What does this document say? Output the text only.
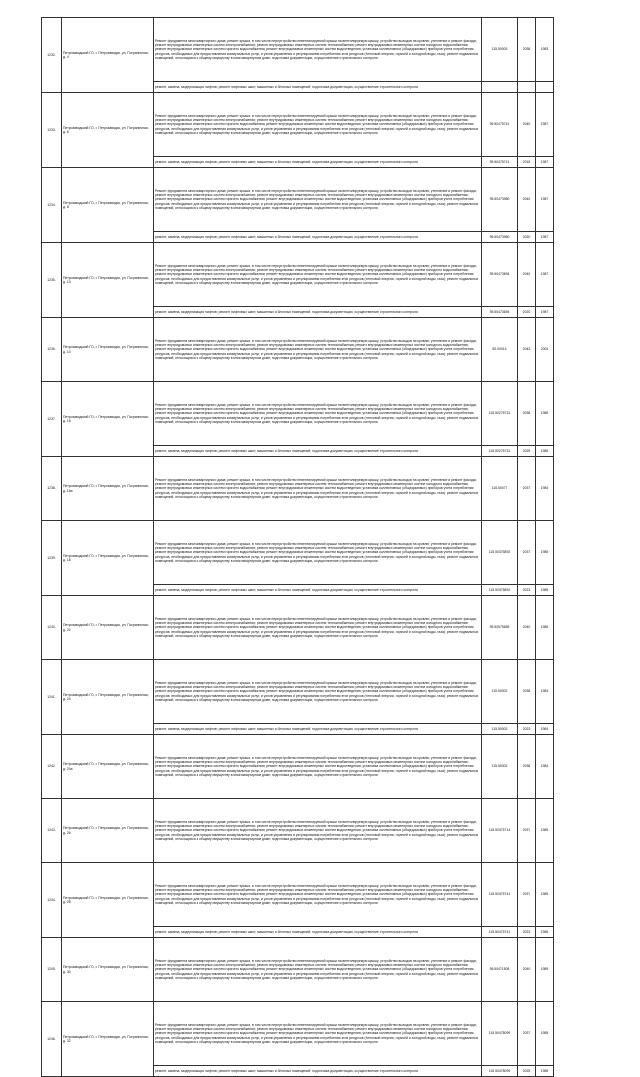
1232.	Петрозаводский ГО, г. Петрозаводск, ул. Пограничная, д. 4	Ремонт фундамента многоквартирного дома; ремонт крыши, в том числе переустройство невентилируемой крыши на вентилируемую крышу, устройство выходов на кровлю; утепление и ремонт фасада; ремонт внутридомовых инженерных систем электроснабжения; ремонт внутридомовых инженерных систем теплоснабжения; ремонт внутридомовых инженерных систем холодного водоснабжения; ремонт внутридомовых инженерных систем горячего водоснабжения; ремонт внутридомовых инженерных систем водоотведения; установка коллективных (общедомовых) приборов учета потребления ресурсов, необходимых для предоставления коммунальных услуг, и узлов управления и регулирования потребления этих ресурсов (тепловой энергии, горячей и холодной воды, газа); ремонт подвальных помещений, относящихся к общему имуществу в многоквартирном доме; подготовка документации, осуществление строительного контроля	115.50003	2038	1983
		ремонт, замена, модернизация лифтов; ремонт лифтовых шахт, машинных и блочных помещений; подготовка документации, осуществление строительного контроля			
1233.	Петрозаводский ГО, г. Петрозаводск, ул. Пограничная, д. 6	Ремонт фундамента многоквартирного дома; ремонт крыши, в том числе переустройство невентилируемой крыши на вентилируемую крышу, устройство выходов на кровлю; утепление и ремонт фасада; ремонт внутридомовых инженерных систем электроснабжения; ремонт внутридомовых инженерных систем теплоснабжения; ремонт внутридомовых инженерных систем холодного водоснабжения; ремонт внутридомовых инженерных систем горячего водоснабжения; ремонт внутридомовых инженерных систем водоотведения; установка коллективных (общедомовых) приборов учета потребления ресурсов, необходимых для предоставления коммунальных услуг, и узлов управления и регулирования потребления этих ресурсов (тепловой энергии, горячей и холодной воды, газа); ремонт подвальных помещений, относящихся к общему имуществу в многоквартирном доме; подготовка документации, осуществление строительного контроля	95.50475741	2040	1987
		ремонт, замена, модернизация лифтов; ремонт лифтовых шахт, машинных и блочных помещений; подготовка документации, осуществление строительного контроля	95.50475741	2018	1987
1234.	Петрозаводский ГО, г. Петрозаводск, ул. Пограничная, д. 8	Ремонт фундамента многоквартирного дома; ремонт крыши, в том числе переустройство невентилируемой крыши на вентилируемую крышу, устройство выходов на кровлю; утепление и ремонт фасада; ремонт внутридомовых инженерных систем электроснабжения; ремонт внутридомовых инженерных систем теплоснабжения; ремонт внутридомовых инженерных систем холодного водоснабжения; ремонт внутридомовых инженерных систем горячего водоснабжения; ремонт внутридомовых инженерных систем водоотведения; установка коллективных (общедомовых) приборов учета потребления ресурсов, необходимых для предоставления коммунальных услуг, и узлов управления и регулирования потребления этих ресурсов (тепловой энергии, горячей и холодной воды, газа); ремонт подвальных помещений, относящихся к общему имуществу в многоквартирном доме; подготовка документации, осуществление строительного контроля	95.50473980	2040	1987
		ремонт, замена, модернизация лифтов; ремонт лифтовых шахт, машинных и блочных помещений; подготовка документации, осуществление строительного контроля	95.50473980	2020	1987
1235.	Петрозаводский ГО, г. Петрозаводск, ул. Пограничная, д. 10	Ремонт фундамента многоквартирного дома; ремонт крыши, в том числе переустройство невентилируемой крыши на вентилируемую крышу, устройство выходов на кровлю; утепление и ремонт фасада; ремонт внутридомовых инженерных систем электроснабжения; ремонт внутридомовых инженерных систем теплоснабжения; ремонт внутридомовых инженерных систем холодного водоснабжения; ремонт внутридомовых инженерных систем горячего водоснабжения; ремонт внутридомовых инженерных систем водоотведения; установка коллективных (общедомовых) приборов учета потребления ресурсов, необходимых для предоставления коммунальных услуг, и узлов управления и регулирования потребления этих ресурсов (тепловой энергии, горячей и холодной воды, газа); ремонт подвальных помещений, относящихся к общему имуществу в многоквартирном доме; подготовка документации, осуществление строительного контроля	95.50473694	2040	1987
		ремонт, замена, модернизация лифтов; ремонт лифтовых шахт, машинных и блочных помещений; подготовка документации, осуществление строительного контроля	95.50473694	2020	1987
1236.	Петрозаводский ГО, г. Петрозаводск, ул. Пограничная, д. 14	Ремонт фундамента многоквартирного дома; ремонт крыши, в том числе переустройство невентилируемой крыши на вентилируемую крышу, устройство выходов на кровлю; утепление и ремонт фасада; ремонт внутридомовых инженерных систем электроснабжения; ремонт внутридомовых инженерных систем теплоснабжения; ремонт внутридомовых инженерных систем холодного водоснабжения; ремонт внутридомовых инженерных систем горячего водоснабжения; ремонт внутридомовых инженерных систем водоотведения; установка коллективных (общедомовых) приборов учета потребления ресурсов, необходимых для предоставления коммунальных услуг, и узлов управления и регулирования потребления этих ресурсов (тепловой энергии, горячей и холодной воды, газа); ремонт подвальных помещений, относящихся к общему имуществу в многоквартирном доме; подготовка документации, осуществление строительного контроля	50.00014	2043	2002
1237.	Петрозаводский ГО, г. Петрозаводск, ул. Пограничная, д. 16	Ремонт фундамента многоквартирного дома; ремонт крыши, в том числе переустройство невентилируемой крыши на вентилируемую крышу, устройство выходов на кровлю; утепление и ремонт фасада; ремонт внутридомовых инженерных систем электроснабжения; ремонт внутридомовых инженерных систем теплоснабжения; ремонт внутридомовых инженерных систем холодного водоснабжения; ремонт внутридомовых инженерных систем горячего водоснабжения; ремонт внутридомовых инженерных систем водоотведения; установка коллективных (общедомовых) приборов учета потребления ресурсов, необходимых для предоставления коммунальных услуг, и узлов управления и регулирования потребления этих ресурсов (тепловой энергии, горячей и холодной воды, газа); ремонт подвальных помещений, относящихся к общему имуществу в многоквартирном доме; подготовка документации, осуществление строительного контроля	115.50275731	2038	1985
		ремонт, замена, модернизация лифтов; ремонт лифтовых шахт, машинных и блочных помещений; подготовка документации, осуществление строительного контроля	115.50275731	2025	1985
1238.	Петрозаводский ГО, г. Петрозаводск, ул. Пограничная, д. 16а	Ремонт фундамента многоквартирного дома; ремонт крыши, в том числе переустройство невентилируемой крыши на вентилируемую крышу, устройство выходов на кровлю; утепление и ремонт фасада; ремонт внутридомовых инженерных систем электроснабжения; ремонт внутридомовых инженерных систем теплоснабжения; ремонт внутридомовых инженерных систем холодного водоснабжения; ремонт внутридомовых инженерных систем горячего водоснабжения; ремонт внутридомовых инженерных систем водоотведения; установка коллективных (общедомовых) приборов учета потребления ресурсов, необходимых для предоставления коммунальных услуг, и узлов управления и регулирования потребления этих ресурсов (тепловой энергии, горячей и холодной воды, газа); ремонт подвальных помещений, относящихся к общему имуществу в многоквартирном доме; подготовка документации, осуществление строительного контроля	115.50477	2037	1984
1239.	Петрозаводский ГО, г. Петрозаводск, ул. Пограничная, д. 18	Ремонт фундамента многоквартирного дома; ремонт крыши, в том числе переустройство невентилируемой крыши на вентилируемую крышу, устройство выходов на кровлю; утепление и ремонт фасада; ремонт внутридомовых инженерных систем электроснабжения; ремонт внутридомовых инженерных систем теплоснабжения; ремонт внутридомовых инженерных систем холодного водоснабжения; ремонт внутридомовых инженерных систем горячего водоснабжения; ремонт внутридомовых инженерных систем водоотведения; установка коллективных (общедомовых) приборов учета потребления ресурсов, необходимых для предоставления коммунальных услуг, и узлов управления и регулирования потребления этих ресурсов (тепловой энергии, горячей и холодной воды, газа); ремонт подвальных помещений, относящихся к общему имуществу в многоквартирном доме; подготовка документации, осуществление строительного контроля	115.50375892	2037	1985
		ремонт, замена, модернизация лифтов; ремонт лифтовых шахт, машинных и блочных помещений; подготовка документации, осуществление строительного контроля	115.50375892	2023	1985
1240.	Петрозаводский ГО, г. Петрозаводск, ул. Пограничная, д. 22	Ремонт фундамента многоквартирного дома; ремонт крыши, в том числе переустройство невентилируемой крыши на вентилируемую крышу, устройство выходов на кровлю; утепление и ремонт фасада; ремонт внутридомовых инженерных систем электроснабжения; ремонт внутридомовых инженерных систем теплоснабжения; ремонт внутридомовых инженерных систем холодного водоснабжения; ремонт внутридомовых инженерных систем горячего водоснабжения; ремонт внутридомовых инженерных систем водоотведения; установка коллективных (общедомовых) приборов учета потребления ресурсов, необходимых для предоставления коммунальных услуг, и узлов управления и регулирования потребления этих ресурсов (тепловой энергии, горячей и холодной воды, газа); ремонт подвальных помещений, относящихся к общему имуществу в многоквартирном доме; подготовка документации, осуществление строительного контроля	95.50575655	2040	1985
1241.	Петрозаводский ГО, г. Петрозаводск, ул. Пограничная, д. 24	Ремонт фундамента многоквартирного дома; ремонт крыши, в том числе переустройство невентилируемой крыши на вентилируемую крышу, устройство выходов на кровлю; утепление и ремонт фасада; ремонт внутридомовых инженерных систем электроснабжения; ремонт внутридомовых инженерных систем теплоснабжения; ремонт внутридомовых инженерных систем холодного водоснабжения; ремонт внутридомовых инженерных систем горячего водоснабжения; ремонт внутридомовых инженерных систем водоотведения; установка коллективных (общедомовых) приборов учета потребления ресурсов, необходимых для предоставления коммунальных услуг, и узлов управления и регулирования потребления этих ресурсов (тепловой энергии, горячей и холодной воды, газа); ремонт подвальных помещений, относящихся к общему имуществу в многоквартирном доме; подготовка документации, осуществление строительного контроля	115.50002	2038	1984
		ремонт, замена, модернизация лифтов; ремонт лифтовых шахт, машинных и блочных помещений; подготовка документации, осуществление строительного контроля	115.50002	2023	1984
1242.	Петрозаводский ГО, г. Петрозаводск, ул. Пограничная, д. 24а	Ремонт фундамента многоквартирного дома; ремонт крыши, в том числе переустройство невентилируемой крыши на вентилируемую крышу, устройство выходов на кровлю; утепление и ремонт фасада; ремонт внутридомовых инженерных систем электроснабжения; ремонт внутридомовых инженерных систем теплоснабжения; ремонт внутридомовых инженерных систем холодного водоснабжения; ремонт внутридомовых инженерных систем горячего водоснабжения; ремонт внутридомовых инженерных систем водоотведения; установка коллективных (общедомовых) приборов учета потребления ресурсов, необходимых для предоставления коммунальных услуг, и узлов управления и регулирования потребления этих ресурсов (тепловой энергии, горячей и холодной воды, газа); ремонт подвальных помещений, относящихся к общему имуществу в многоквартирном доме; подготовка документации, осуществление строительного контроля	115.50002	2038	1984
1243.	Петрозаводский ГО, г. Петрозаводск, ул. Пограничная, д. 26	Ремонт фундамента многоквартирного дома; ремонт крыши, в том числе переустройство невентилируемой крыши на вентилируемую крышу, устройство выходов на кровлю; утепление и ремонт фасада; ремонт внутридомовых инженерных систем электроснабжения; ремонт внутридомовых инженерных систем теплоснабжения; ремонт внутридомовых инженерных систем холодного водоснабжения; ремонт внутридомовых инженерных систем горячего водоснабжения; ремонт внутридомовых инженерных систем водоотведения; установка коллективных (общедомовых) приборов учета потребления ресурсов, необходимых для предоставления коммунальных услуг, и узлов управления и регулирования потребления этих ресурсов (тепловой энергии, горячей и холодной воды, газа); ремонт подвальных помещений, относящихся к общему имуществу в многоквартирном доме; подготовка документации, осуществление строительного контроля	115.50375714	2037	1985
1244.	Петрозаводский ГО, г. Петрозаводск, ул. Пограничная, д. 28	Ремонт фундамента многоквартирного дома; ремонт крыши, в том числе переустройство невентилируемой крыши на вентилируемую крышу, устройство выходов на кровлю; утепление и ремонт фасада; ремонт внутридомовых инженерных систем электроснабжения; ремонт внутридомовых инженерных систем теплоснабжения; ремонт внутридомовых инженерных систем холодного водоснабжения; ремонт внутридомовых инженерных систем горячего водоснабжения; ремонт внутридомовых инженерных систем водоотведения; установка коллективных (общедомовых) приборов учета потребления ресурсов, необходимых для предоставления коммунальных услуг, и узлов управления и регулирования потребления этих ресурсов (тепловой энергии, горячей и холодной воды, газа); ремонт подвальных помещений, относящихся к общему имуществу в многоквартирном доме; подготовка документации, осуществление строительного контроля	115.50475741	2037	1985
		ремонт, замена, модернизация лифтов; ремонт лифтовых шахт, машинных и блочных помещений; подготовка документации, осуществление строительного контроля	115.50475741	2023	1985
1245.	Петрозаводский ГО, г. Петрозаводск, ул. Пограничная, д. 30	Ремонт фундамента многоквартирного дома; ремонт крыши, в том числе переустройство невентилируемой крыши на вентилируемую крышу, устройство выходов на кровлю; утепление и ремонт фасада; ремонт внутридомовых инженерных систем электроснабжения; ремонт внутридомовых инженерных систем теплоснабжения; ремонт внутридомовых инженерных систем холодного водоснабжения; ремонт внутридомовых инженерных систем горячего водоснабжения; ремонт внутридомовых инженерных систем водоотведения; установка коллективных (общедомовых) приборов учета потребления ресурсов, необходимых для предоставления коммунальных услуг, и узлов управления и регулирования потребления этих ресурсов (тепловой энергии, горячей и холодной воды, газа); ремонт подвальных помещений, относящихся к общему имуществу в многоквартирном доме; подготовка документации, осуществление строительного контроля	95.50471508	2040	1989
1246.	Петрозаводский ГО, г. Петрозаводск, ул. Пограничная, д. 32	Ремонт фундамента многоквартирного дома; ремонт крыши, в том числе переустройство невентилируемой крыши на вентилируемую крышу, устройство выходов на кровлю; утепление и ремонт фасада; ремонт внутридомовых инженерных систем электроснабжения; ремонт внутридомовых инженерных систем теплоснабжения; ремонт внутридомовых инженерных систем холодного водоснабжения; ремонт внутридомовых инженерных систем горячего водоснабжения; ремонт внутридомовых инженерных систем водоотведения; установка коллективных (общедомовых) приборов учета потребления ресурсов, необходимых для предоставления коммунальных услуг, и узлов управления и регулирования потребления этих ресурсов (тепловой энергии, горячей и холодной воды, газа); ремонт подвальных помещений, относящихся к общему имуществу в многоквартирном доме; подготовка документации, осуществление строительного контроля	115.50478099	2037	1985
		ремонт, замена, модернизация лифтов; ремонт лифтовых шахт, машинных и блочных помещений; подготовка документации, осуществление строительного контроля	115.50478099	2025	1985
